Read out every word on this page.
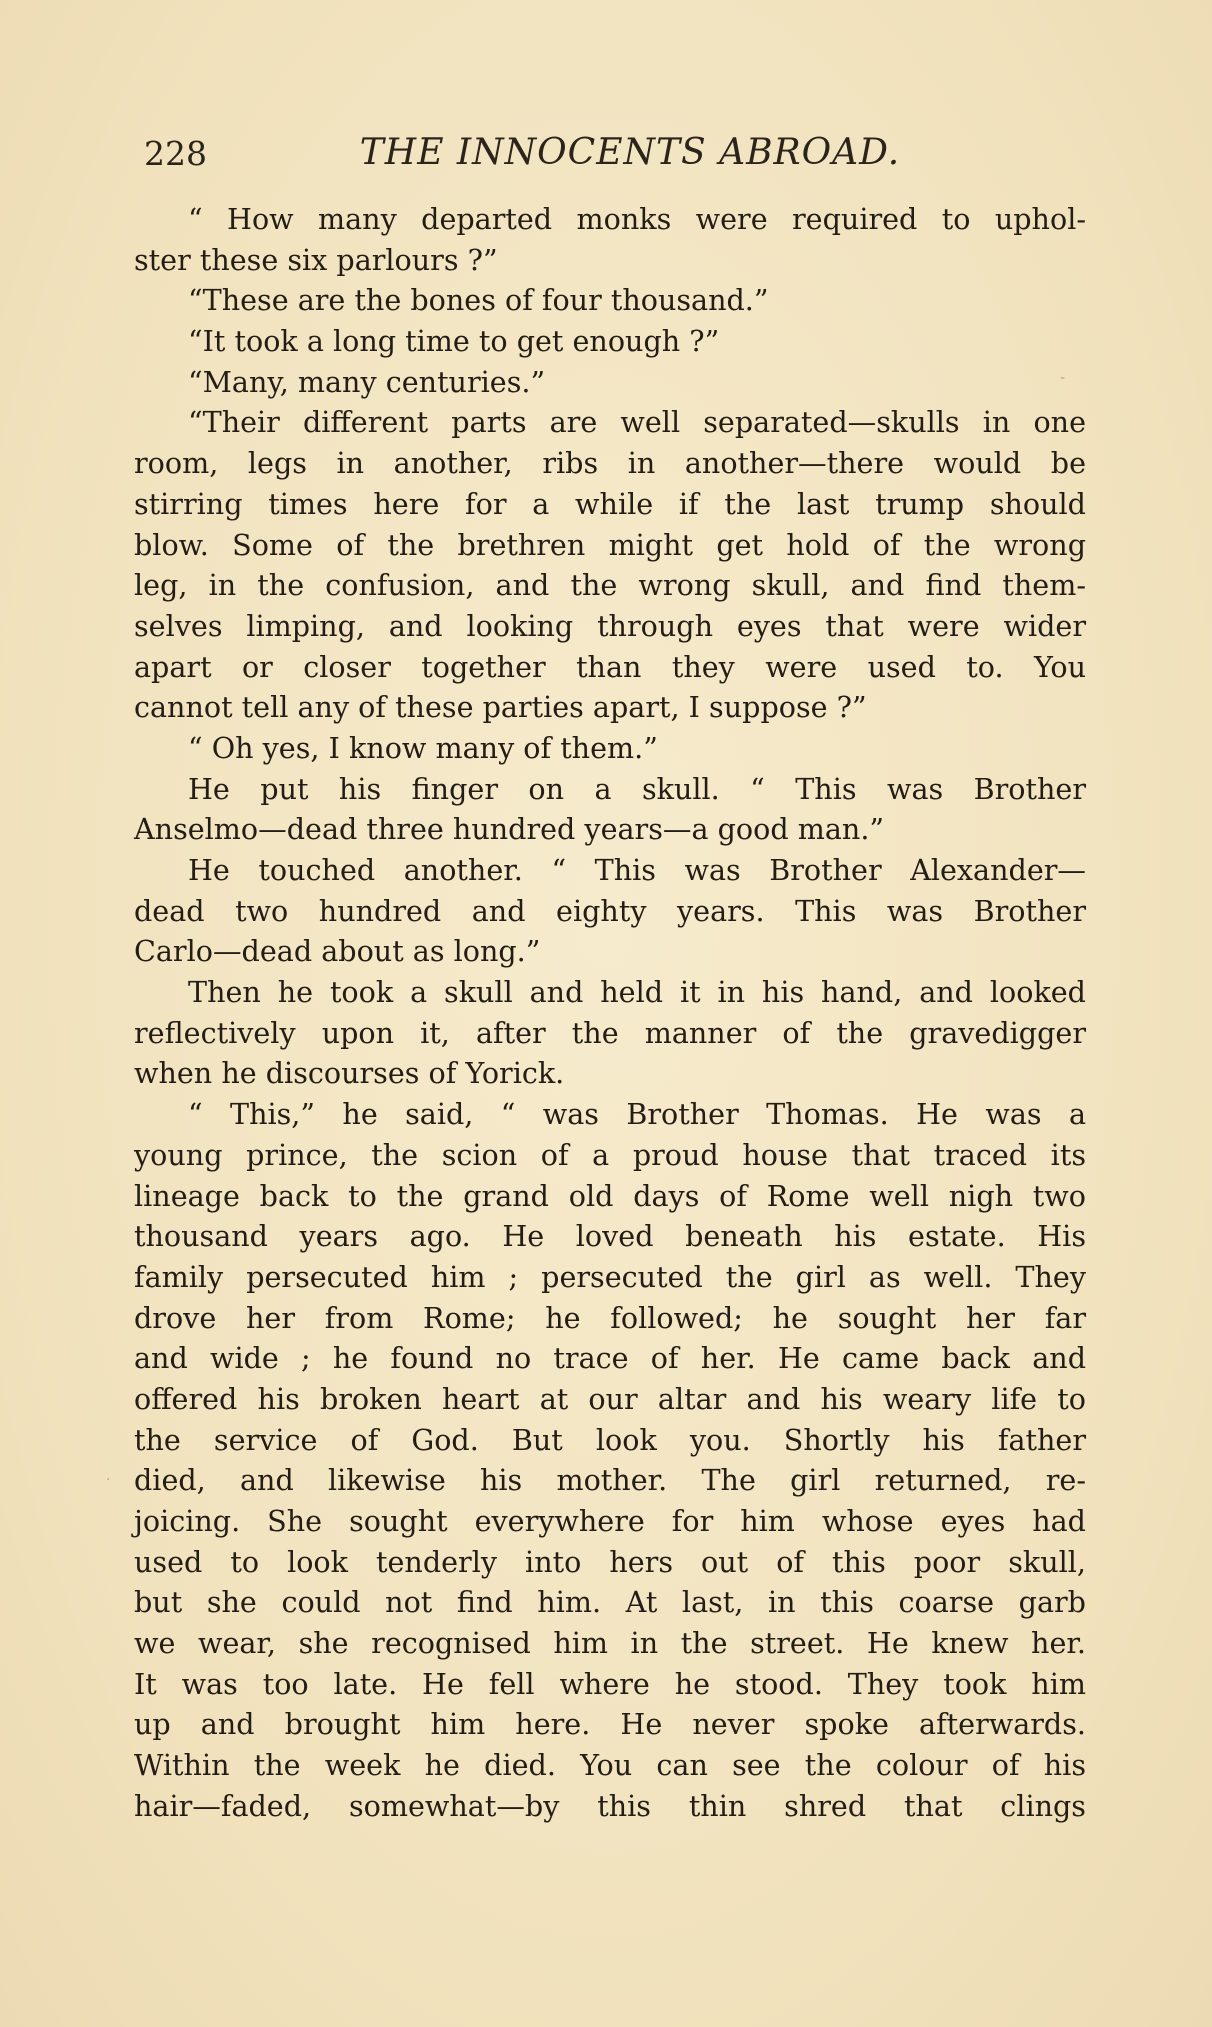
228	THE INNOCENTS ABROAD.
-
·
“ How many departed monks were required to uphol-
ster these six parlours ?”
“These are the bones of four thousand.”
“It took a long time to get enough ?”
“Many, many centuries.”
“Their different parts are well separated—skulls in one
room, legs in another, ribs in another—there would be
stirring times here for a while if the last trump should
blow. Some of the brethren might get hold of the wrong
leg, in the confusion, and the wrong skull, and find them-
selves limping, and looking through eyes that were wider
apart or closer together than they were used to. You
cannot tell any of these parties apart, I suppose ?”
“ Oh yes, I know many of them.”
He put his finger on a skull. “ This was Brother
Anselmo—dead three hundred years—a good man.”
He touched another. “ This was Brother Alexander—
dead two hundred and eighty years. This was Brother
Carlo—dead about as long.”
Then he took a skull and held it in his hand, and looked
reflectively upon it, after the manner of the gravedigger
when he discourses of Yorick.
“ This,” he said, “ was Brother Thomas. He was a
young prince, the scion of a proud house that traced its
lineage back to the grand old days of Rome well nigh two
thousand years ago. He loved beneath his estate. His
family persecuted him ; persecuted the girl as well. They
drove her from Rome; he followed; he sought her far
and wide ; he found no trace of her. He came back and
offered his broken heart at our altar and his weary life to
the service of God. But look you. Shortly his father
died, and likewise his mother. The girl returned, re-
joicing. She sought everywhere for him whose eyes had
used to look tenderly into hers out of this poor skull,
but she could not find him. At last, in this coarse garb
we wear, she recognised him in the street. He knew her.
It was too late. He fell where he stood. They took him
up and brought him here. He never spoke afterwards.
Within the week he died. You can see the colour of his
hair—faded, somewhat—by this thin shred that clings
